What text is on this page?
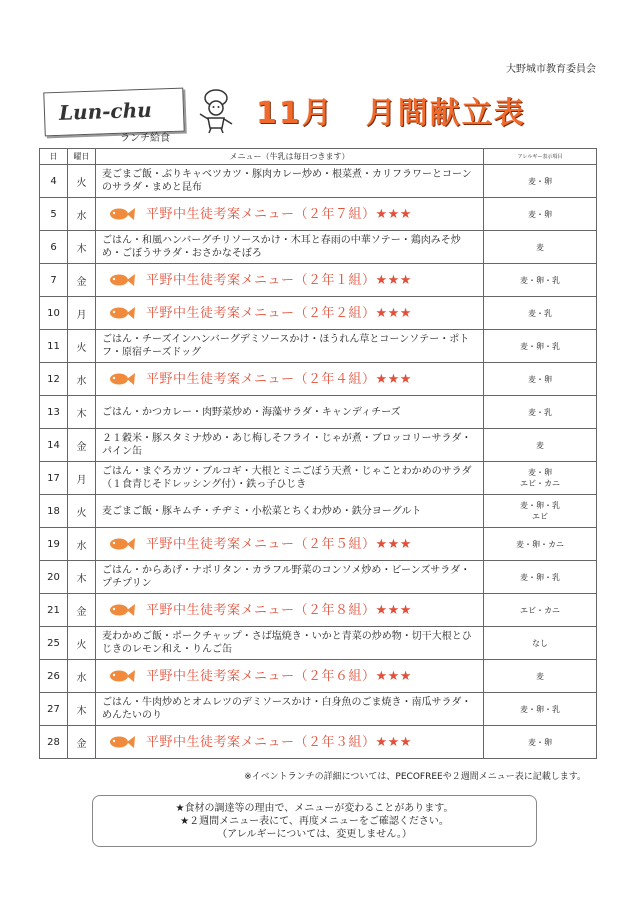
大野城市教育委員会
Lun-chu
ランチ給食
11月　月間献立表
日	曜日	メニュー（牛乳は毎日つきます）	アレルギー表示項目
4	火	麦ごまご飯・ぶりキャベツカツ・豚肉カレー炒め・根菜煮・カリフラワーとコーンのサラダ・まめと昆布	麦・卵

5	水	平野中生徒考案メニュー（２年７組）★★★	麦・卵

6	木	ごはん・和風ハンバーグチリソースかけ・木耳と春雨の中華ソテー・鶏肉みそ炒め・ごぼうサラダ・おさかなそぼろ	麦

7	金	平野中生徒考案メニュー（２年１組）★★★	麦・卵・乳

10	月	平野中生徒考案メニュー（２年２組）★★★	麦・乳

11	火	ごはん・チーズインハンバーグデミソースかけ・ほうれん草とコーンソテー・ポトフ・原宿チーズドッグ	麦・卵・乳

12	水	平野中生徒考案メニュー（２年４組）★★★	麦・卵

13	木	ごはん・かつカレー・肉野菜炒め・海藻サラダ・キャンディチーズ	麦・乳

14	金	２１穀米・豚スタミナ炒め・あじ梅しそフライ・じゃが煮・ブロッコリーサラダ・パイン缶	麦

17	月	ごはん・まぐろカツ・ブルコギ・大根とミニごぼう天煮・じゃことわかめのサラダ（１食青じそドレッシング付）・鉄っ子ひじき	麦・卵
エビ・カニ

18	火	麦ごまご飯・豚キムチ・チヂミ・小松菜とちくわ炒め・鉄分ヨーグルト	麦・卵・乳
エビ

19	水	平野中生徒考案メニュー（２年５組）★★★	麦・卵・カニ

20	木	ごはん・からあげ・ナポリタン・カラフル野菜のコンソメ炒め・ビーンズサラダ・プチプリン	麦・卵・乳

21	金	平野中生徒考案メニュー（２年８組）★★★	エビ・カニ

25	火	麦わかめご飯・ポークチャップ・さば塩焼き・いかと青菜の炒め物・切干大根とひじきのレモン和え・りんご缶	なし

26	水	平野中生徒考案メニュー（２年６組）★★★	麦

27	木	ごはん・牛肉炒めとオムレツのデミソースかけ・白身魚のごま焼き・南瓜サラダ・めんたいのり	麦・卵・乳

28	金	平野中生徒考案メニュー（２年３組）★★★	麦・卵
※イベントランチの詳細については、PECOFREEや２週間メニュー表に記載します。
★食材の調達等の理由で、メニューが変わることがあります。
★２週間メニュー表にて、再度メニューをご確認ください。
（アレルギーについては、変更しません。）
